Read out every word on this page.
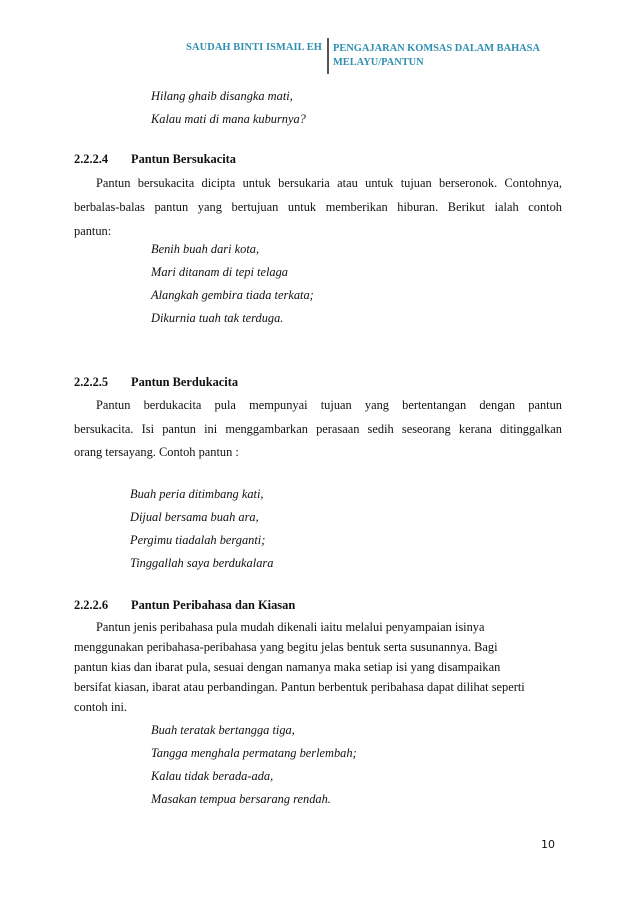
SAUDAH BINTI ISMAIL EH PENGAJARAN KOMSAS DALAM BAHASA
MELAYU/PANTUN
Hilang ghaib disangka mati,
Kalau mati di mana kuburnya?
2.2.2.4 Pantun Bersukacita
Pantun bersukacita dicipta untuk bersukaria atau untuk tujuan berseronok. Contohnya,
berbalas-balas pantun yang bertujuan untuk memberikan hiburan. Berikut ialah contoh
pantun:
Benih buah dari kota,
Mari ditanam di tepi telaga
Alangkah gembira tiada terkata;
Dikurnia tuah tak terduga.
2.2.2.5 Pantun Berdukacita
Pantun berdukacita pula mempunyai tujuan yang bertentangan dengan pantun
bersukacita. Isi pantun ini menggambarkan perasaan sedih seseorang kerana ditinggalkan
orang tersayang. Contoh pantun :
Buah peria ditimbang kati,
Dijual bersama buah ara,
Pergimu tiadalah berganti;
Tinggallah saya berdukalara
2.2.2.6 Pantun Peribahasa dan Kiasan
Pantun jenis peribahasa pula mudah dikenali iaitu melalui penyampaian isinya
menggunakan peribahasa-peribahasa yang begitu jelas bentuk serta susunannya. Bagi
pantun kias dan ibarat pula, sesuai dengan namanya maka setiap isi yang disampaikan
bersifat kiasan, ibarat atau perbandingan. Pantun berbentuk peribahasa dapat dilihat seperti
contoh ini.
Buah teratak bertangga tiga,
Tangga menghala permatang berlembah;
Kalau tidak berada-ada,
Masakan tempua bersarang rendah.
10
